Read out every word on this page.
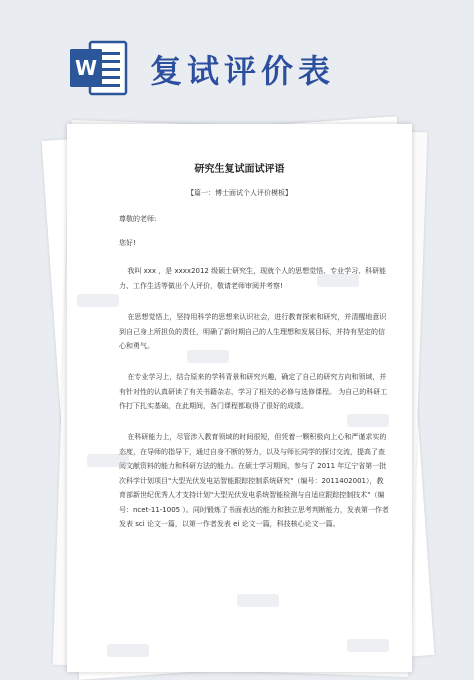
W 复试评价表
研究生复试面试评语
【篇一：博士面试个人评价模板】
尊敬的老师:
您好!
我叫 xxx ，是 xxxx2012 级硕士研究生，现就个人的思想觉悟、专业学习、科研能力、工作生活等做出个人评价，敬请老师审阅并考察!
在思想觉悟上，坚持用科学的思想来认识社会，进行教育探索和研究，并清醒地意识到自己身上所担负的责任，明确了新时期自己的人生理想和发展目标，并持有坚定的信心和勇气。
在专业学习上，结合原来的学科背景和研究兴趣，确定了自己的研究方向和领域，并有针对性的认真研读了有关书籍杂志，学习了相关的必修与选修课程。 为自己的科研工作打下扎实基础，在此期间，各门课程都取得了很好的成绩。
在科研能力上，尽管涉入教育领域的时间很短，但凭着一颗积极向上心和严谨求实的态度，在导师的指导下，通过自身不断的努力，以及与师长同学的探讨交流，提高了查阅文献资料的能力和科研方法的能力。在硕士学习期间，参与了 2011 年辽宁省第一批次科学计划项目"大型光伏发电站智能跟踪控制系统研究"（编号：2011402001），教育部新世纪优秀人才支持计划"大型光伏发电系统智能检测与自适应跟踪控制技术"（编号：ncet-11-1005 ）。同时锻炼了书面表达的能力和独立思考判断能力，发表第一作者发表 sci 论文一篇，以第一作者发表 ei 论文一篇，科技核心论文一篇。
